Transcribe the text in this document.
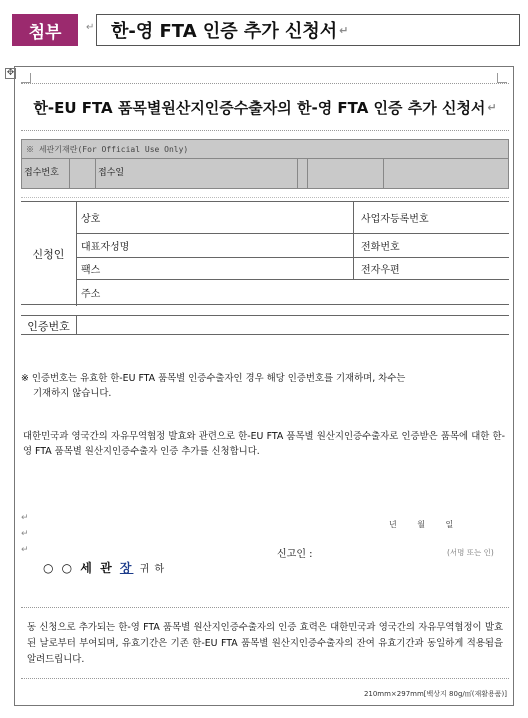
첨부	↵ 한-영 FTA 인증 추가 신청서 ↵
✥
한-EU FTA 품목별원산지인증수출자의 한-영 FTA 인증 추가 신청서 ↵
※ 세관기재란(For Official Use Only)
접수번호	접수일
신청인
상호	사업자등록번호
대표자성명	전화번호
팩스	전자우편
주소
인증번호
※ 인증번호는 유효한 한-EU FTA 품목별 인증수출자인 경우 해당 인증번호를 기재하며, 차수는
기재하지 않습니다.
대한민국과 영국간의 자유무역협정 발효와 관련으로 한-EU FTA 품목별 원산지인증수출자로 인증받은 품목에 대한 한-영 FTA 품목별 원산지인증수출자 인증 추가를 신청합니다.
↵
↵
↵
년 월 일
신고인 :	(서명 또는 인)
○ ○ 세 관 장 귀 하
동 신청으로 추가되는 한-영 FTA 품목별 원산지인증수출자의 인증 효력은 대한민국과 영국간의 자유무역협정이 발효된 날로부터 부여되며, 유효기간은 기존 한-EU FTA 품목별 원산지인증수출자의 잔여 유효기간과 동일하게 적용됨을 알려드립니다.
210mm×297mm[백상지 80g/㎡(재활용품)]
